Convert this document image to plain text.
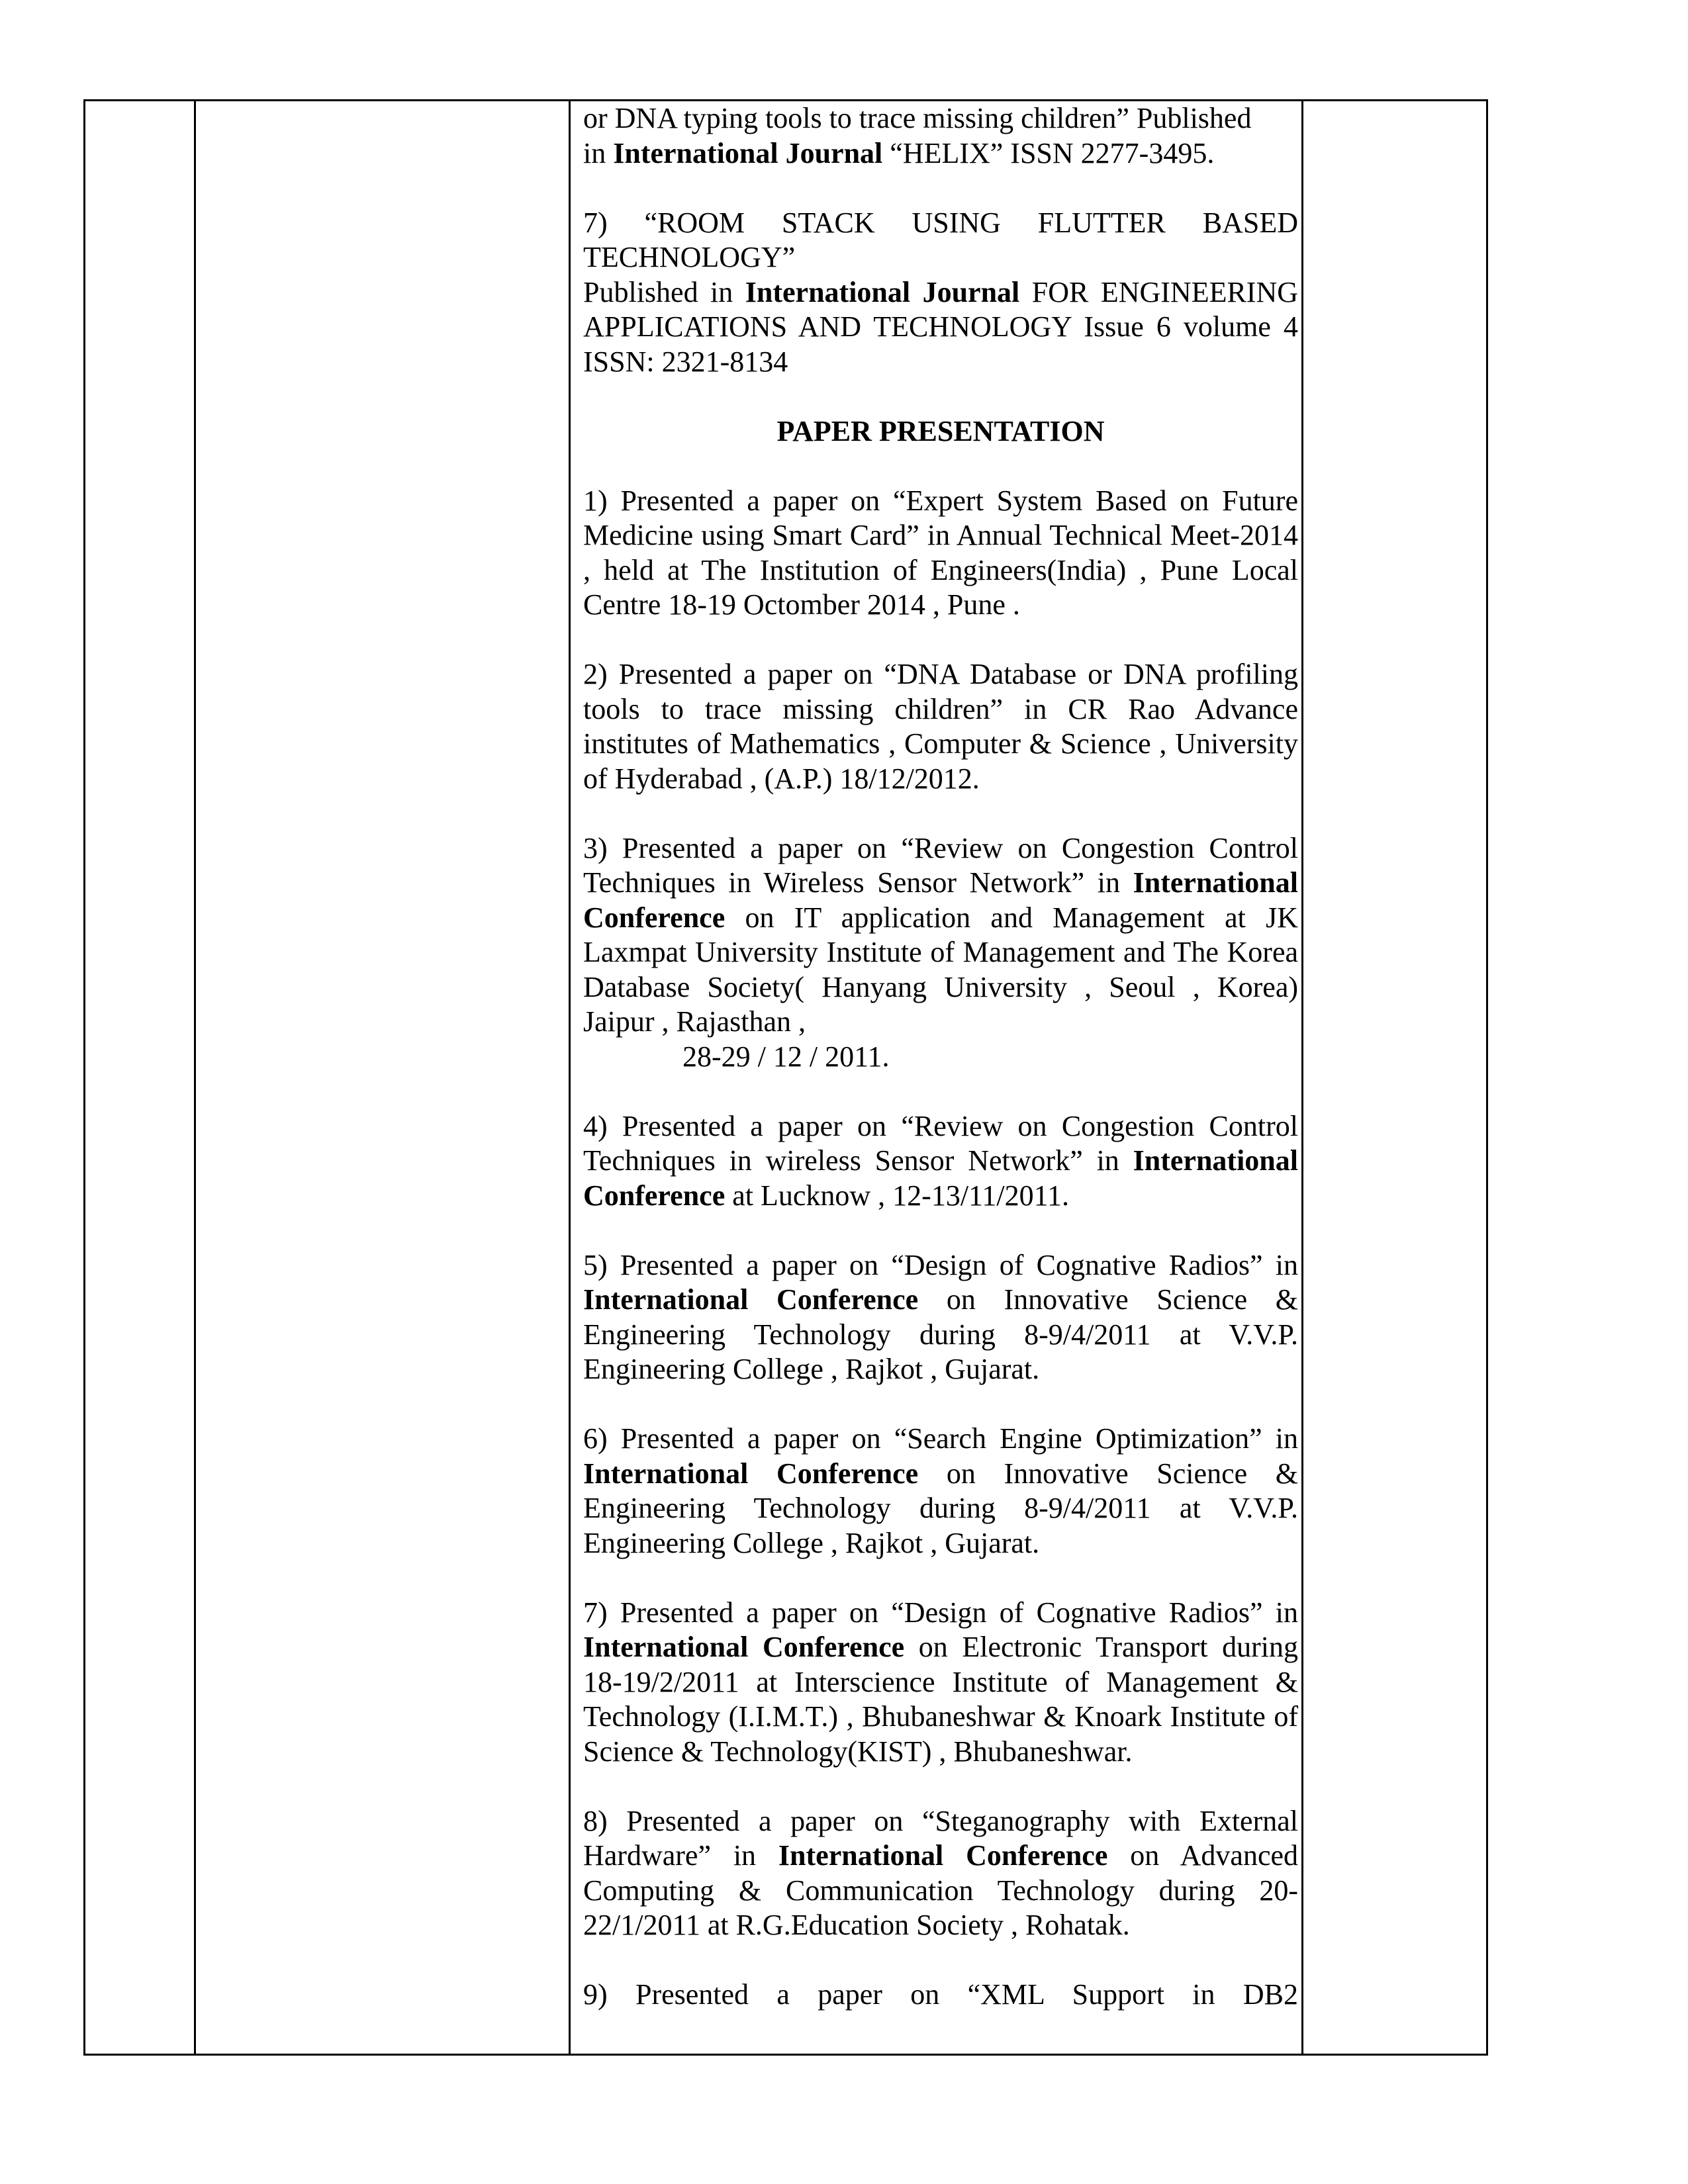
or DNA typing tools to trace missing children” Published
in International Journal “HELIX” ISSN 2277-3495.

7) “ROOM STACK USING FLUTTER BASED TECHNOLOGY”
Published in International Journal FOR ENGINEERING APPLICATIONS AND TECHNOLOGY Issue 6 volume 4 ISSN: 2321-8134

PAPER PRESENTATION

1) Presented a paper on “Expert System Based on Future Medicine using Smart Card” in Annual Technical Meet-2014 , held at The Institution of Engineers(India) , Pune Local Centre 18-19 Octomber 2014 , Pune .

2) Presented a paper on “DNA Database or DNA profiling tools to trace missing children” in CR Rao Advance institutes of Mathematics , Computer & Science , University of Hyderabad , (A.P.) 18/12/2012.

3) Presented a paper on “Review on Congestion Control Techniques in Wireless Sensor Network” in International Conference on IT application and Management at JK Laxmpat University Institute of Management and The Korea Database Society( Hanyang University , Seoul , Korea) Jaipur , Rajasthan ,
28-29 / 12 / 2011.

4) Presented a paper on “Review on Congestion Control Techniques in wireless Sensor Network” in International Conference at Lucknow , 12-13/11/2011.

5) Presented a paper on “Design of Cognative Radios” in International Conference on Innovative Science & Engineering Technology during 8-9/4/2011 at V.V.P. Engineering College , Rajkot , Gujarat.

6) Presented a paper on “Search Engine Optimization” in International Conference on Innovative Science & Engineering Technology during 8-9/4/2011 at V.V.P. Engineering College , Rajkot , Gujarat.

7) Presented a paper on “Design of Cognative Radios” in International Conference on Electronic Transport during 18-19/2/2011 at Interscience Institute of Management & Technology (I.I.M.T.) , Bhubaneshwar & Knoark Institute of Science & Technology(KIST) , Bhubaneshwar.

8) Presented a paper on “Steganography with External Hardware” in International Conference on Advanced Computing & Communication Technology during 20-22/1/2011 at R.G.Education Society , Rohatak.

9) Presented a paper on “XML Support in DB2
